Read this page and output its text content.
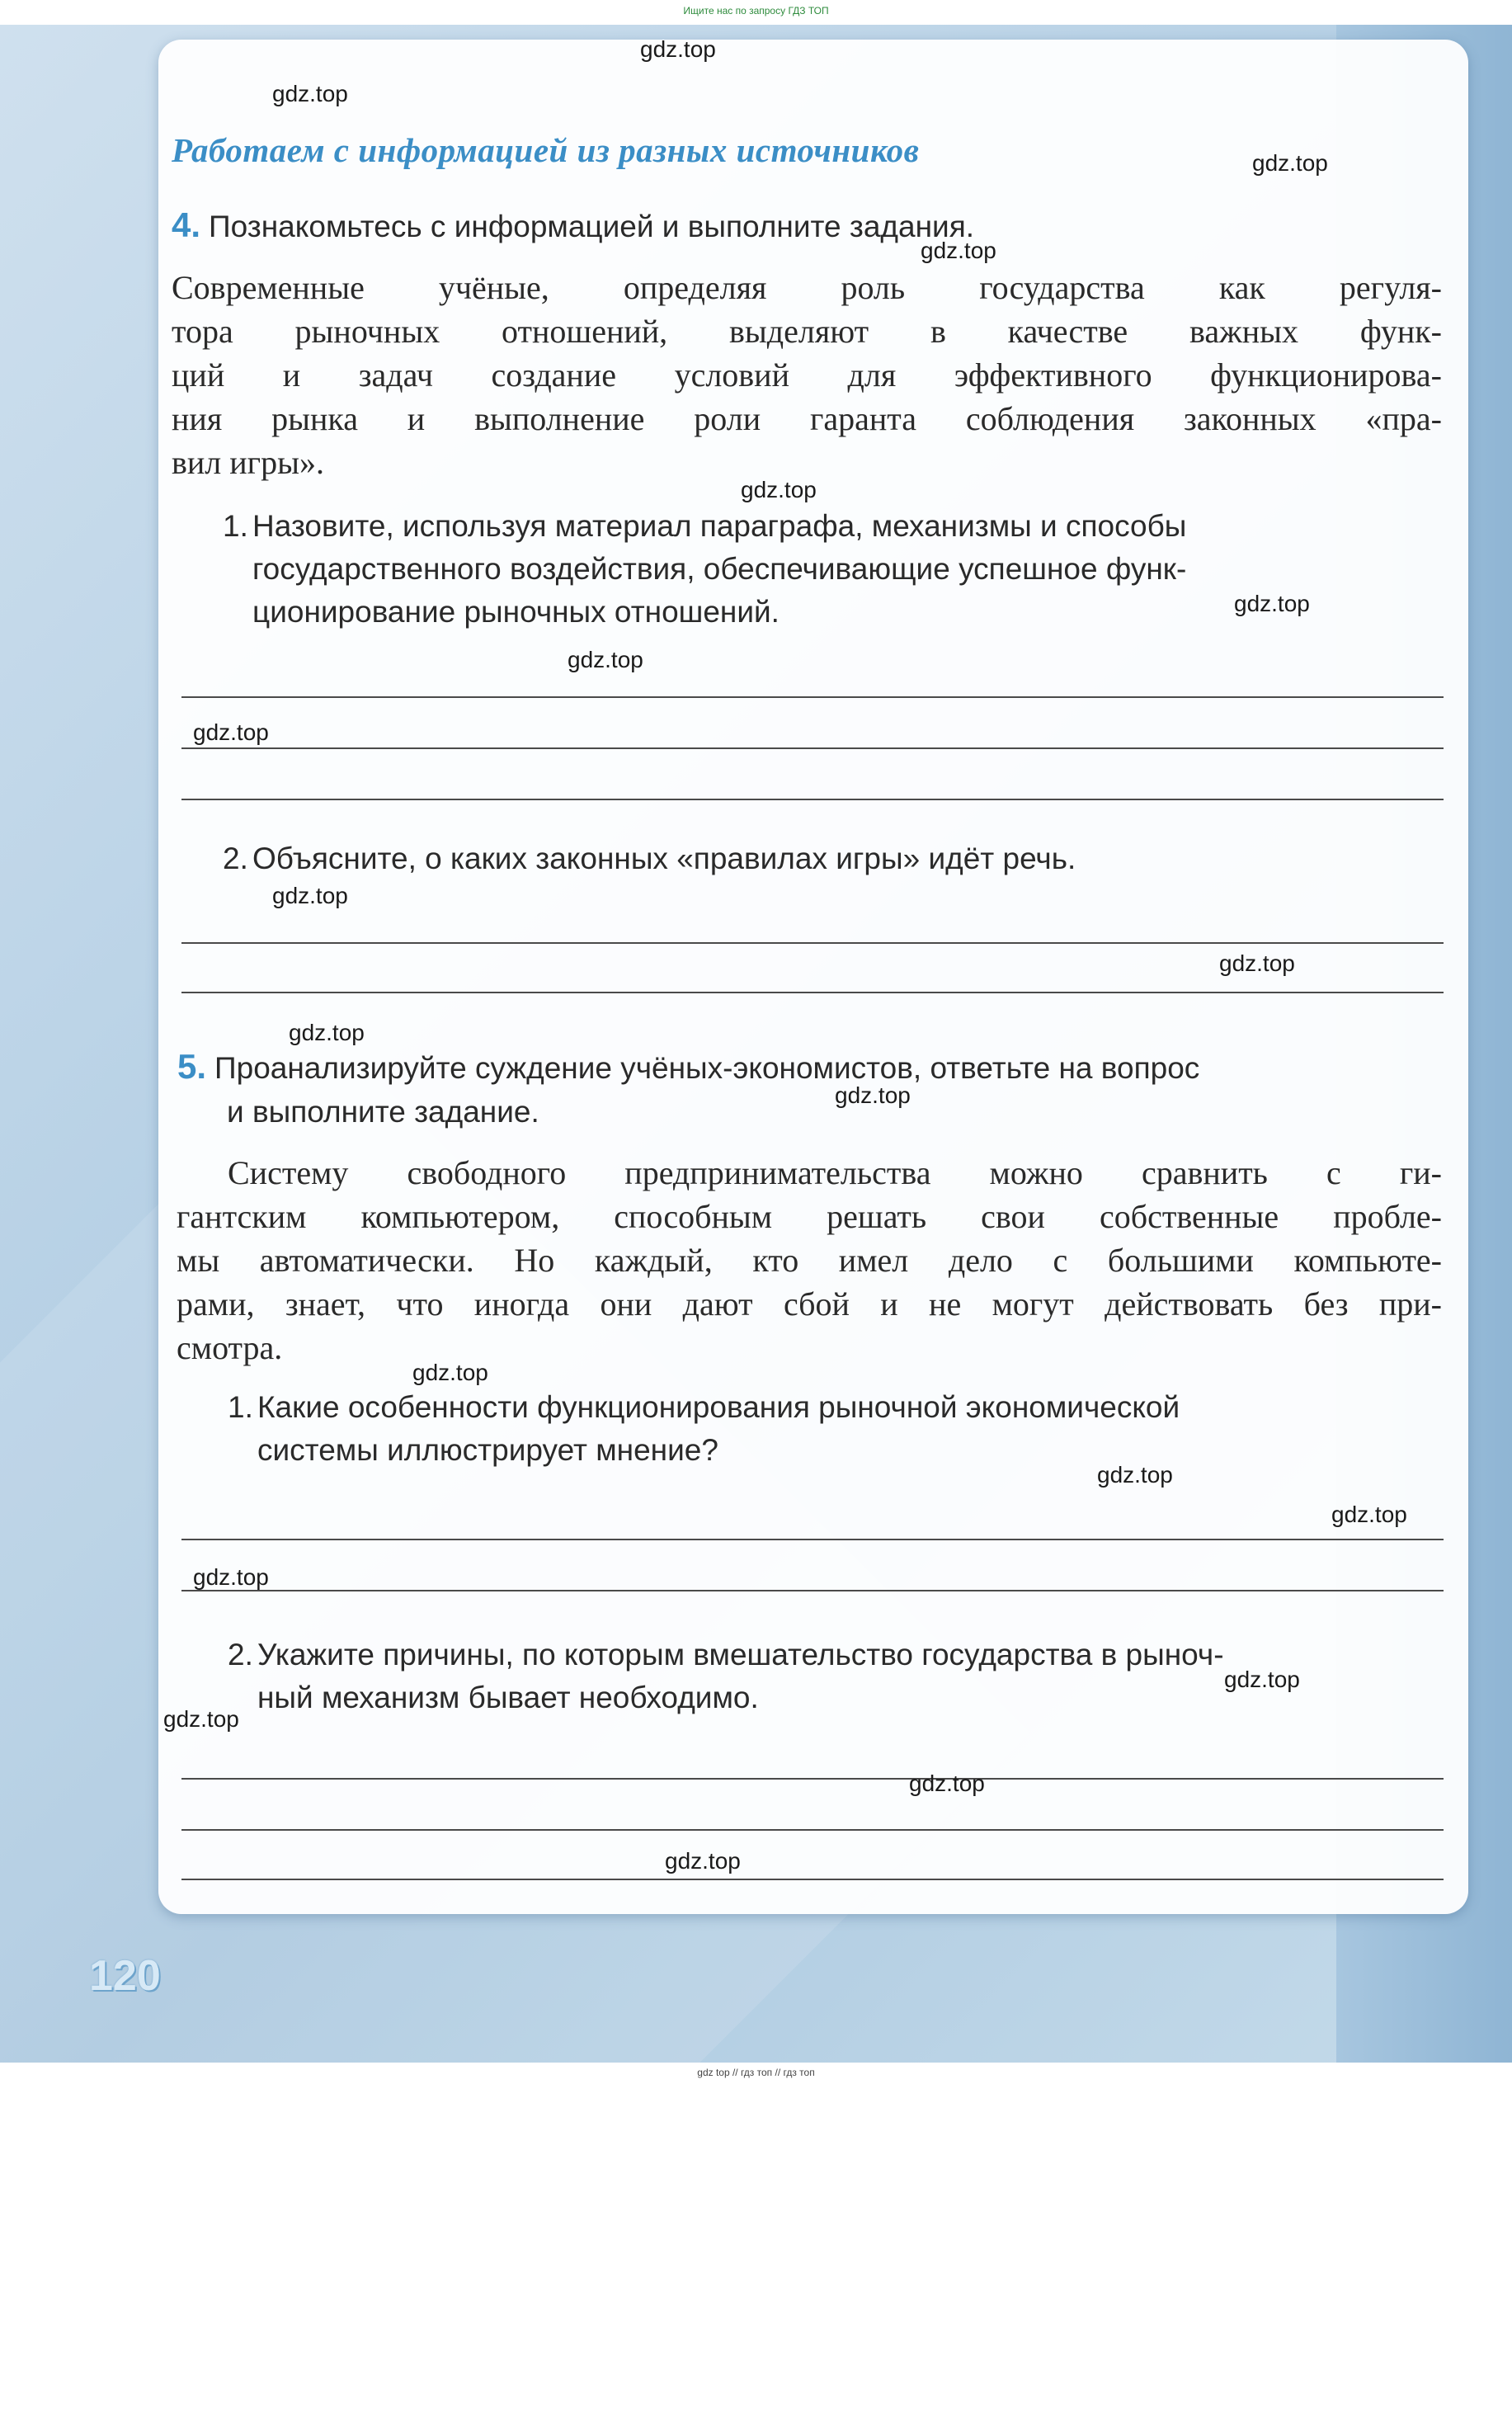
Ищите нас по запросу ГДЗ ТОП
Работаем с информацией из разных источников
4. Познакомьтесь с информацией и выполните задания.
Современные учёные, определяя роль государства как регуля-
тора рыночных отношений, выделяют в качестве важных функ-
ций и задач создание условий для эффективного функционирова-
ния рынка и выполнение роли гаранта соблюдения законных «пра-
вил игры».
1. Назовите, используя материал параграфа, механизмы и способы
государственного воздействия, обеспечивающие успешное функ-
ционирование рыночных отношений.
2. Объясните, о каких законных «правилах игры» идёт речь.
5. Проанализируйте суждение учёных-экономистов, ответьте на вопрос
и выполните задание.
Систему свободного предпринимательства можно сравнить с ги-
гантским компьютером, способным решать свои собственные пробле-
мы автоматически. Но каждый, кто имел дело с большими компьюте-
рами, знает, что иногда они дают сбой и не могут действовать без при-
смотра.
1. Какие особенности функционирования рыночной экономической
системы иллюстрирует мнение?
2. Укажите причины, по которым вмешательство государства в рыноч-
ный механизм бывает необходимо.
120
gdz.top
gdz.top
gdz.top
gdz.top
gdz.top
gdz.top
gdz.top
gdz.top
gdz.top
gdz.top
gdz.top
gdz.top
gdz.top
gdz.top
gdz.top
gdz.top
gdz.top
gdz.top
gdz.top
gdz.top
gdz top // гдз топ // гдз топ
